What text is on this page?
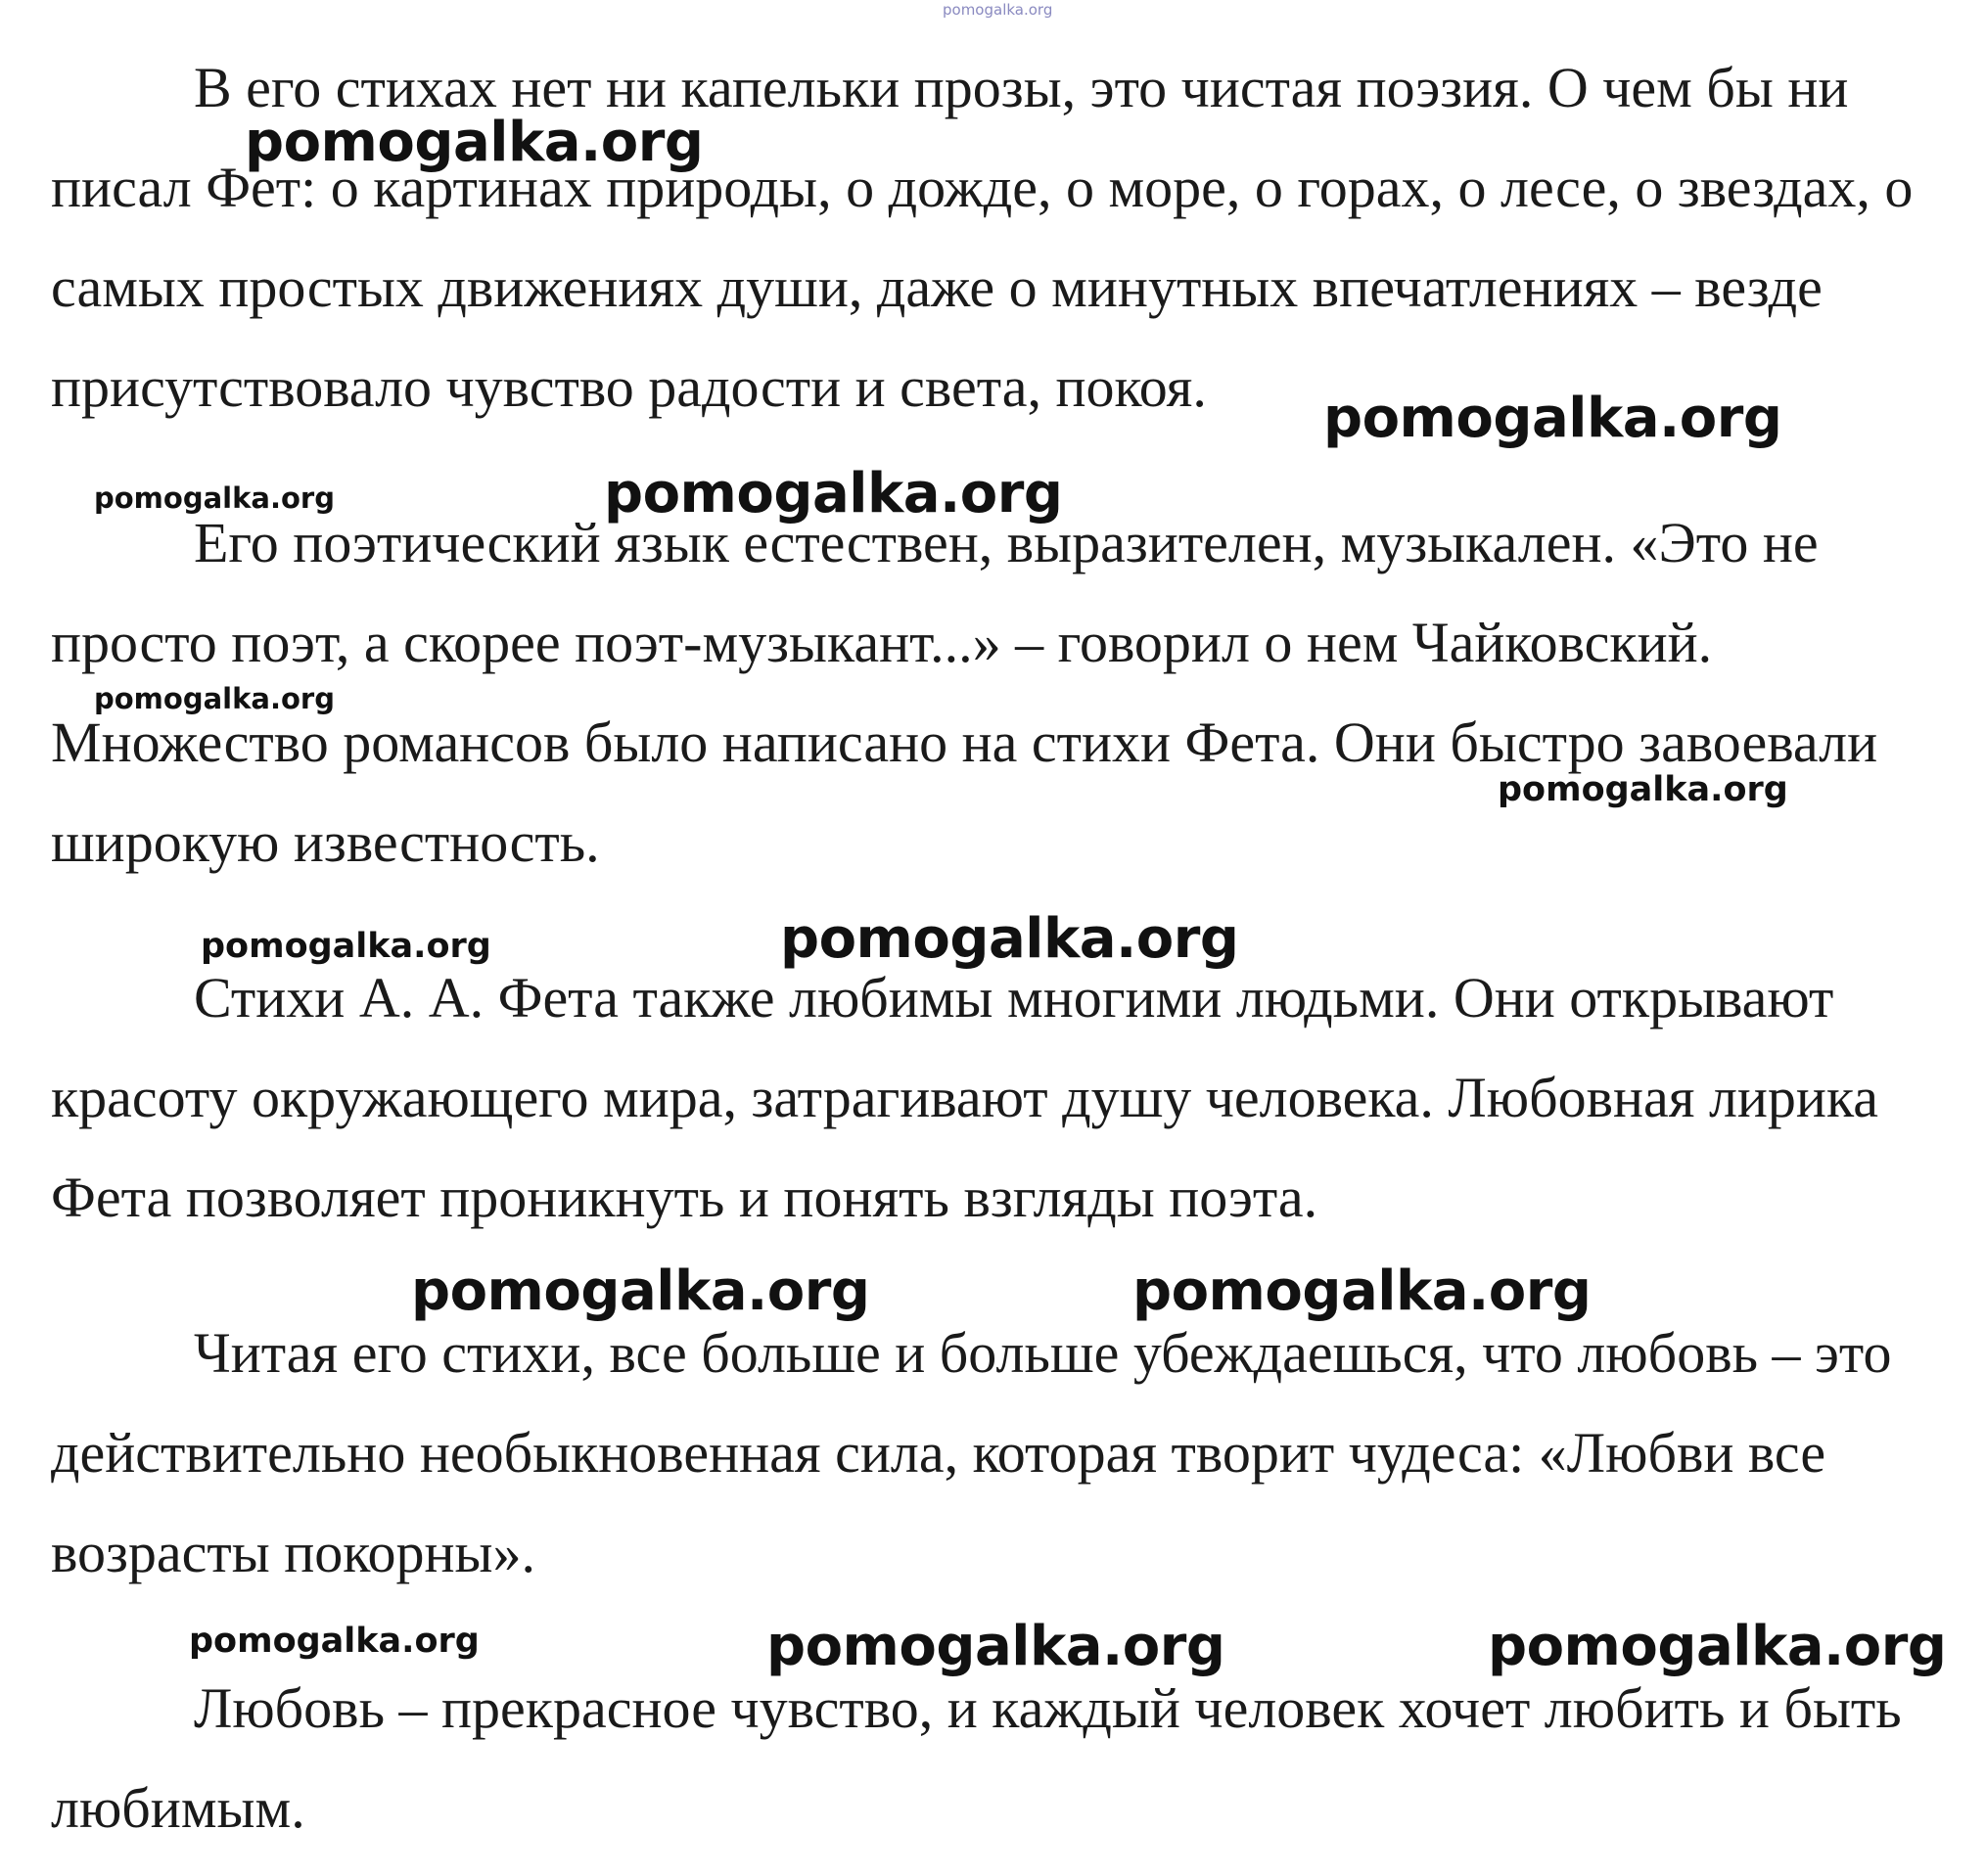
pomogalka.org
В его стихах нет ни капельки прозы, это чистая поэзия. О чем бы ни
писал Фет: о картинах природы, о дожде, о море, о горах, о лесе, о звездах, о
самых простых движениях души, даже о минутных впечатлениях – везде
присутствовало чувство радости и света, покоя.
Его поэтический язык естествен, выразителен, музыкален. «Это не
просто поэт, а скорее поэт-музыкант...» – говорил о нем Чайковский.
Множество романсов было написано на стихи Фета. Они быстро завоевали
широкую известность.
Стихи А. А. Фета также любимы многими людьми. Они открывают
красоту окружающего мира, затрагивают душу человека. Любовная лирика
Фета позволяет проникнуть и понять взгляды поэта.
Читая его стихи, все больше и больше убеждаешься, что любовь – это
действительно необыкновенная сила, которая творит чудеса: «Любви все
возрасты покорны».
Любовь – прекрасное чувство, и каждый человек хочет любить и быть
любимым.
pomogalka.org
pomogalka.org
pomogalka.org	pomogalka.org
pomogalka.org
pomogalka.org
pomogalka.org	pomogalka.org
pomogalka.org	pomogalka.org
pomogalka.org	pomogalka.org	pomogalka.org
